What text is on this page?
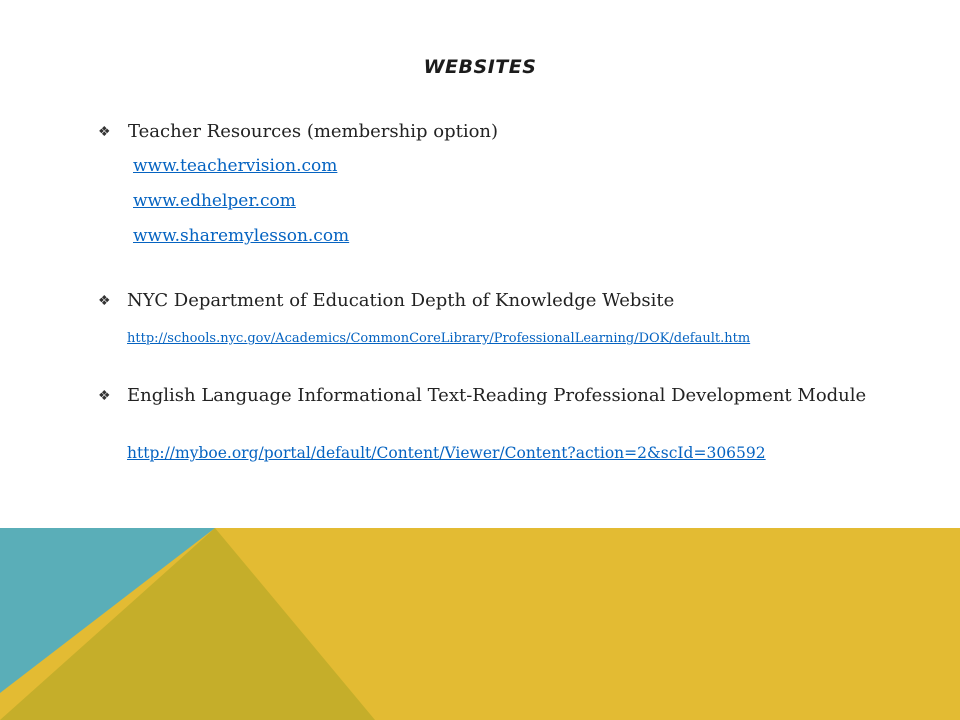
WEBSITES
❖ Teacher Resources (membership option)
www.teachervision.com
www.edhelper.com
www.sharemylesson.com
❖ NYC Department of Education Depth of Knowledge Website
http://schools.nyc.gov/Academics/CommonCoreLibrary/ProfessionalLearning/DOK/default.htm
❖ English Language Informational Text-Reading Professional Development Module
http://myboe.org/portal/default/Content/Viewer/Content?action=2&scId=306592
